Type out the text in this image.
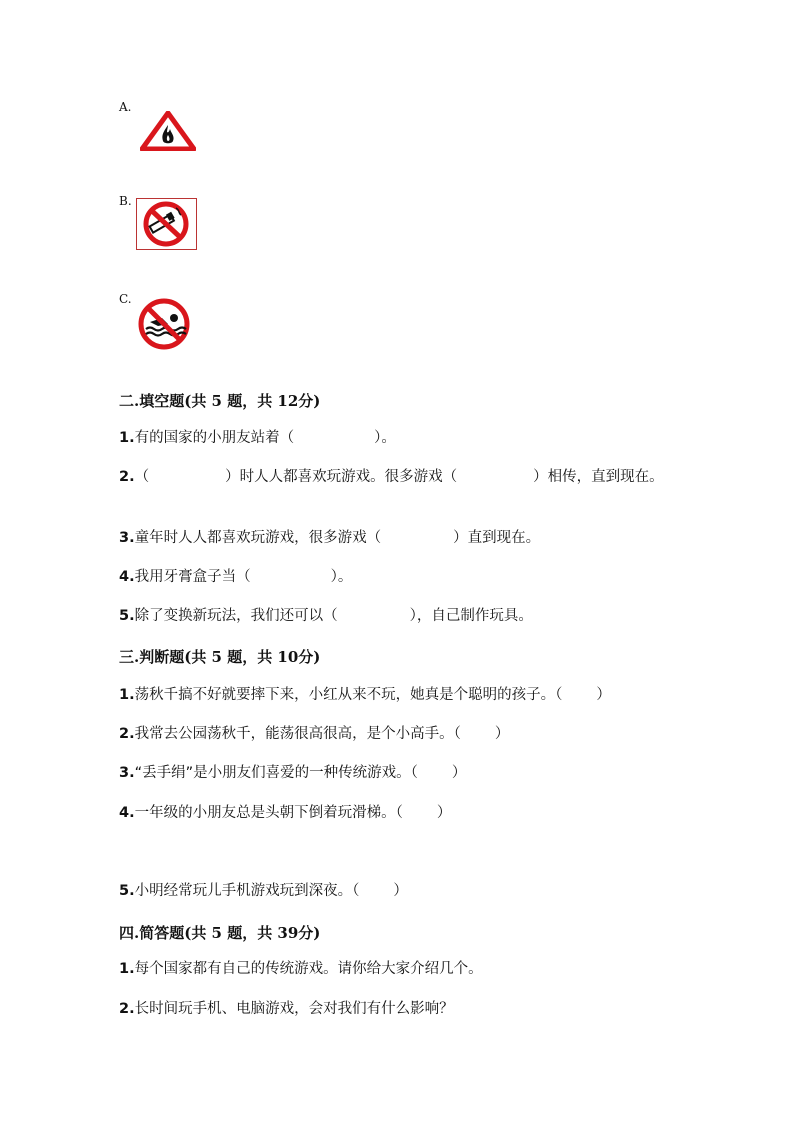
A.
B.
C.
二.填空题(共 5 题，共 12分)
1.有的国家的小朋友站着（	）。
2.（	）时人人都喜欢玩游戏。很多游戏（	）相传，直到现在。
3.童年时人人都喜欢玩游戏，很多游戏（	）直到现在。
4.我用牙膏盒子当（	）。
5.除了变换新玩法，我们还可以（	），自己制作玩具。
三.判断题(共 5 题，共 10分)
1.荡秋千搞不好就要摔下来，小红从来不玩，她真是个聪明的孩子。（ ）
2.我常去公园荡秋千，能荡很高很高，是个小高手。（ ）
3.“丢手绢”是小朋友们喜爱的一种传统游戏。（ ）
4.一年级的小朋友总是头朝下倒着玩滑梯。（ ）
5.小明经常玩儿手机游戏玩到深夜。（ ）
四.简答题(共 5 题，共 39分)
1.每个国家都有自己的传统游戏。请你给大家介绍几个。
2.长时间玩手机、电脑游戏，会对我们有什么影响？
